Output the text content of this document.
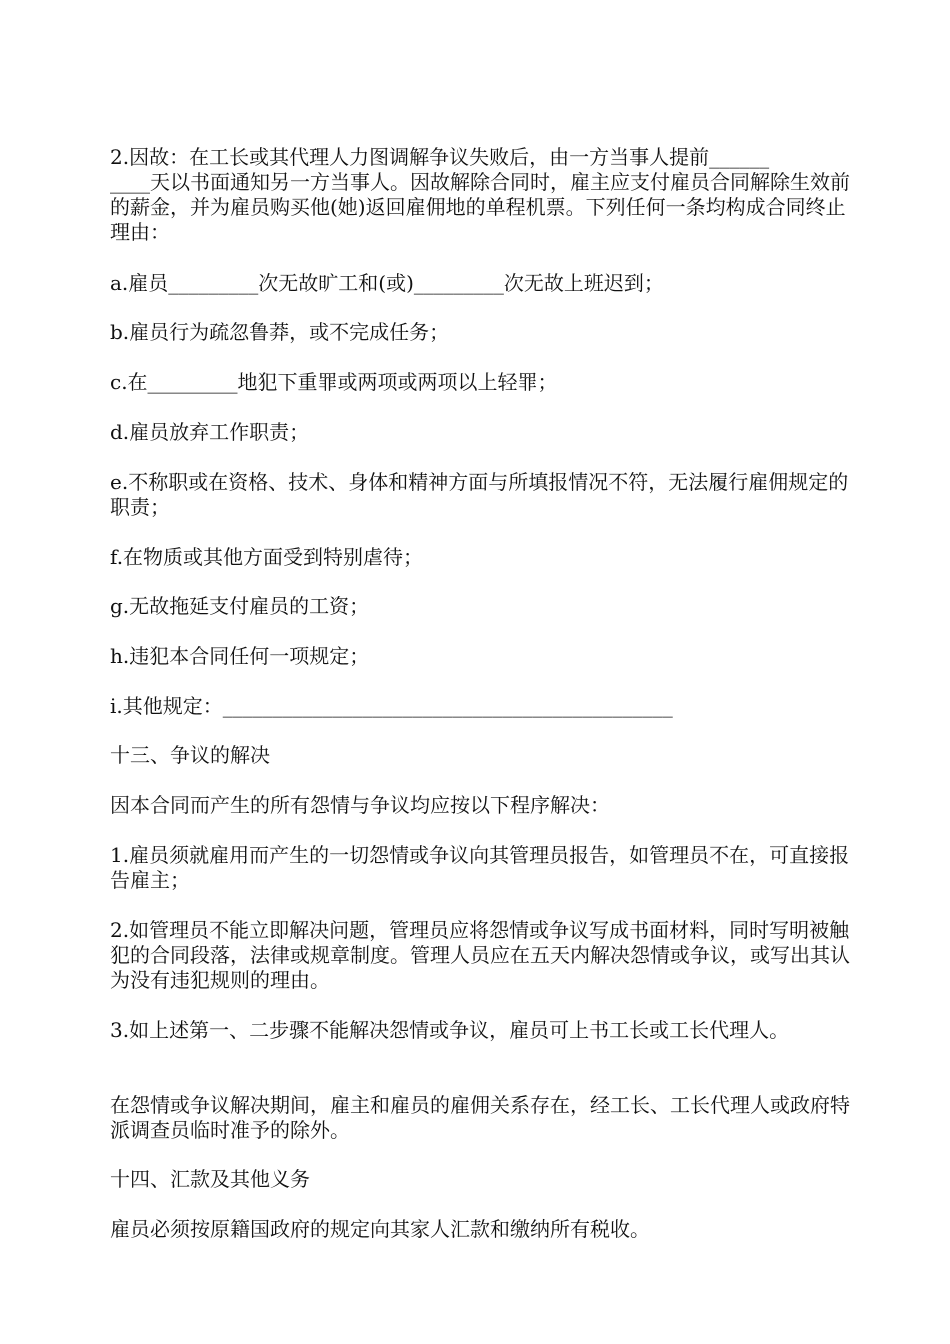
2.因故：在工长或其代理人力图调解争议失败后，由一方当事人提前______
____天以书面通知另一方当事人。因故解除合同时，雇主应支付雇员合同解除生效前的薪金，并为雇员购买他(她)返回雇佣地的单程机票。下列任何一条均构成合同终止理由：

a.雇员_________次无故旷工和(或)_________次无故上班迟到；

b.雇员行为疏忽鲁莽，或不完成任务；

c.在_________地犯下重罪或两项或两项以上轻罪；

d.雇员放弃工作职责；

e.不称职或在资格、技术、身体和精神方面与所填报情况不符，无法履行雇佣规定的职责；

f.在物质或其他方面受到特别虐待；

g.无故拖延支付雇员的工资；

h.违犯本合同任何一项规定；

i.其他规定：_____________________________________________

十三、争议的解决

因本合同而产生的所有怨情与争议均应按以下程序解决：

1.雇员须就雇用而产生的一切怨情或争议向其管理员报告，如管理员不在，可直接报告雇主；

2.如管理员不能立即解决问题，管理员应将怨情或争议写成书面材料，同时写明被触犯的合同段落，法律或规章制度。管理人员应在五天内解决怨情或争议，或写出其认为没有违犯规则的理由。

3.如上述第一、二步骤不能解决怨情或争议，雇员可上书工长或工长代理人。

在怨情或争议解决期间，雇主和雇员的雇佣关系存在，经工长、工长代理人或政府特派调查员临时准予的除外。

十四、汇款及其他义务

雇员必须按原籍国政府的规定向其家人汇款和缴纳所有税收。
